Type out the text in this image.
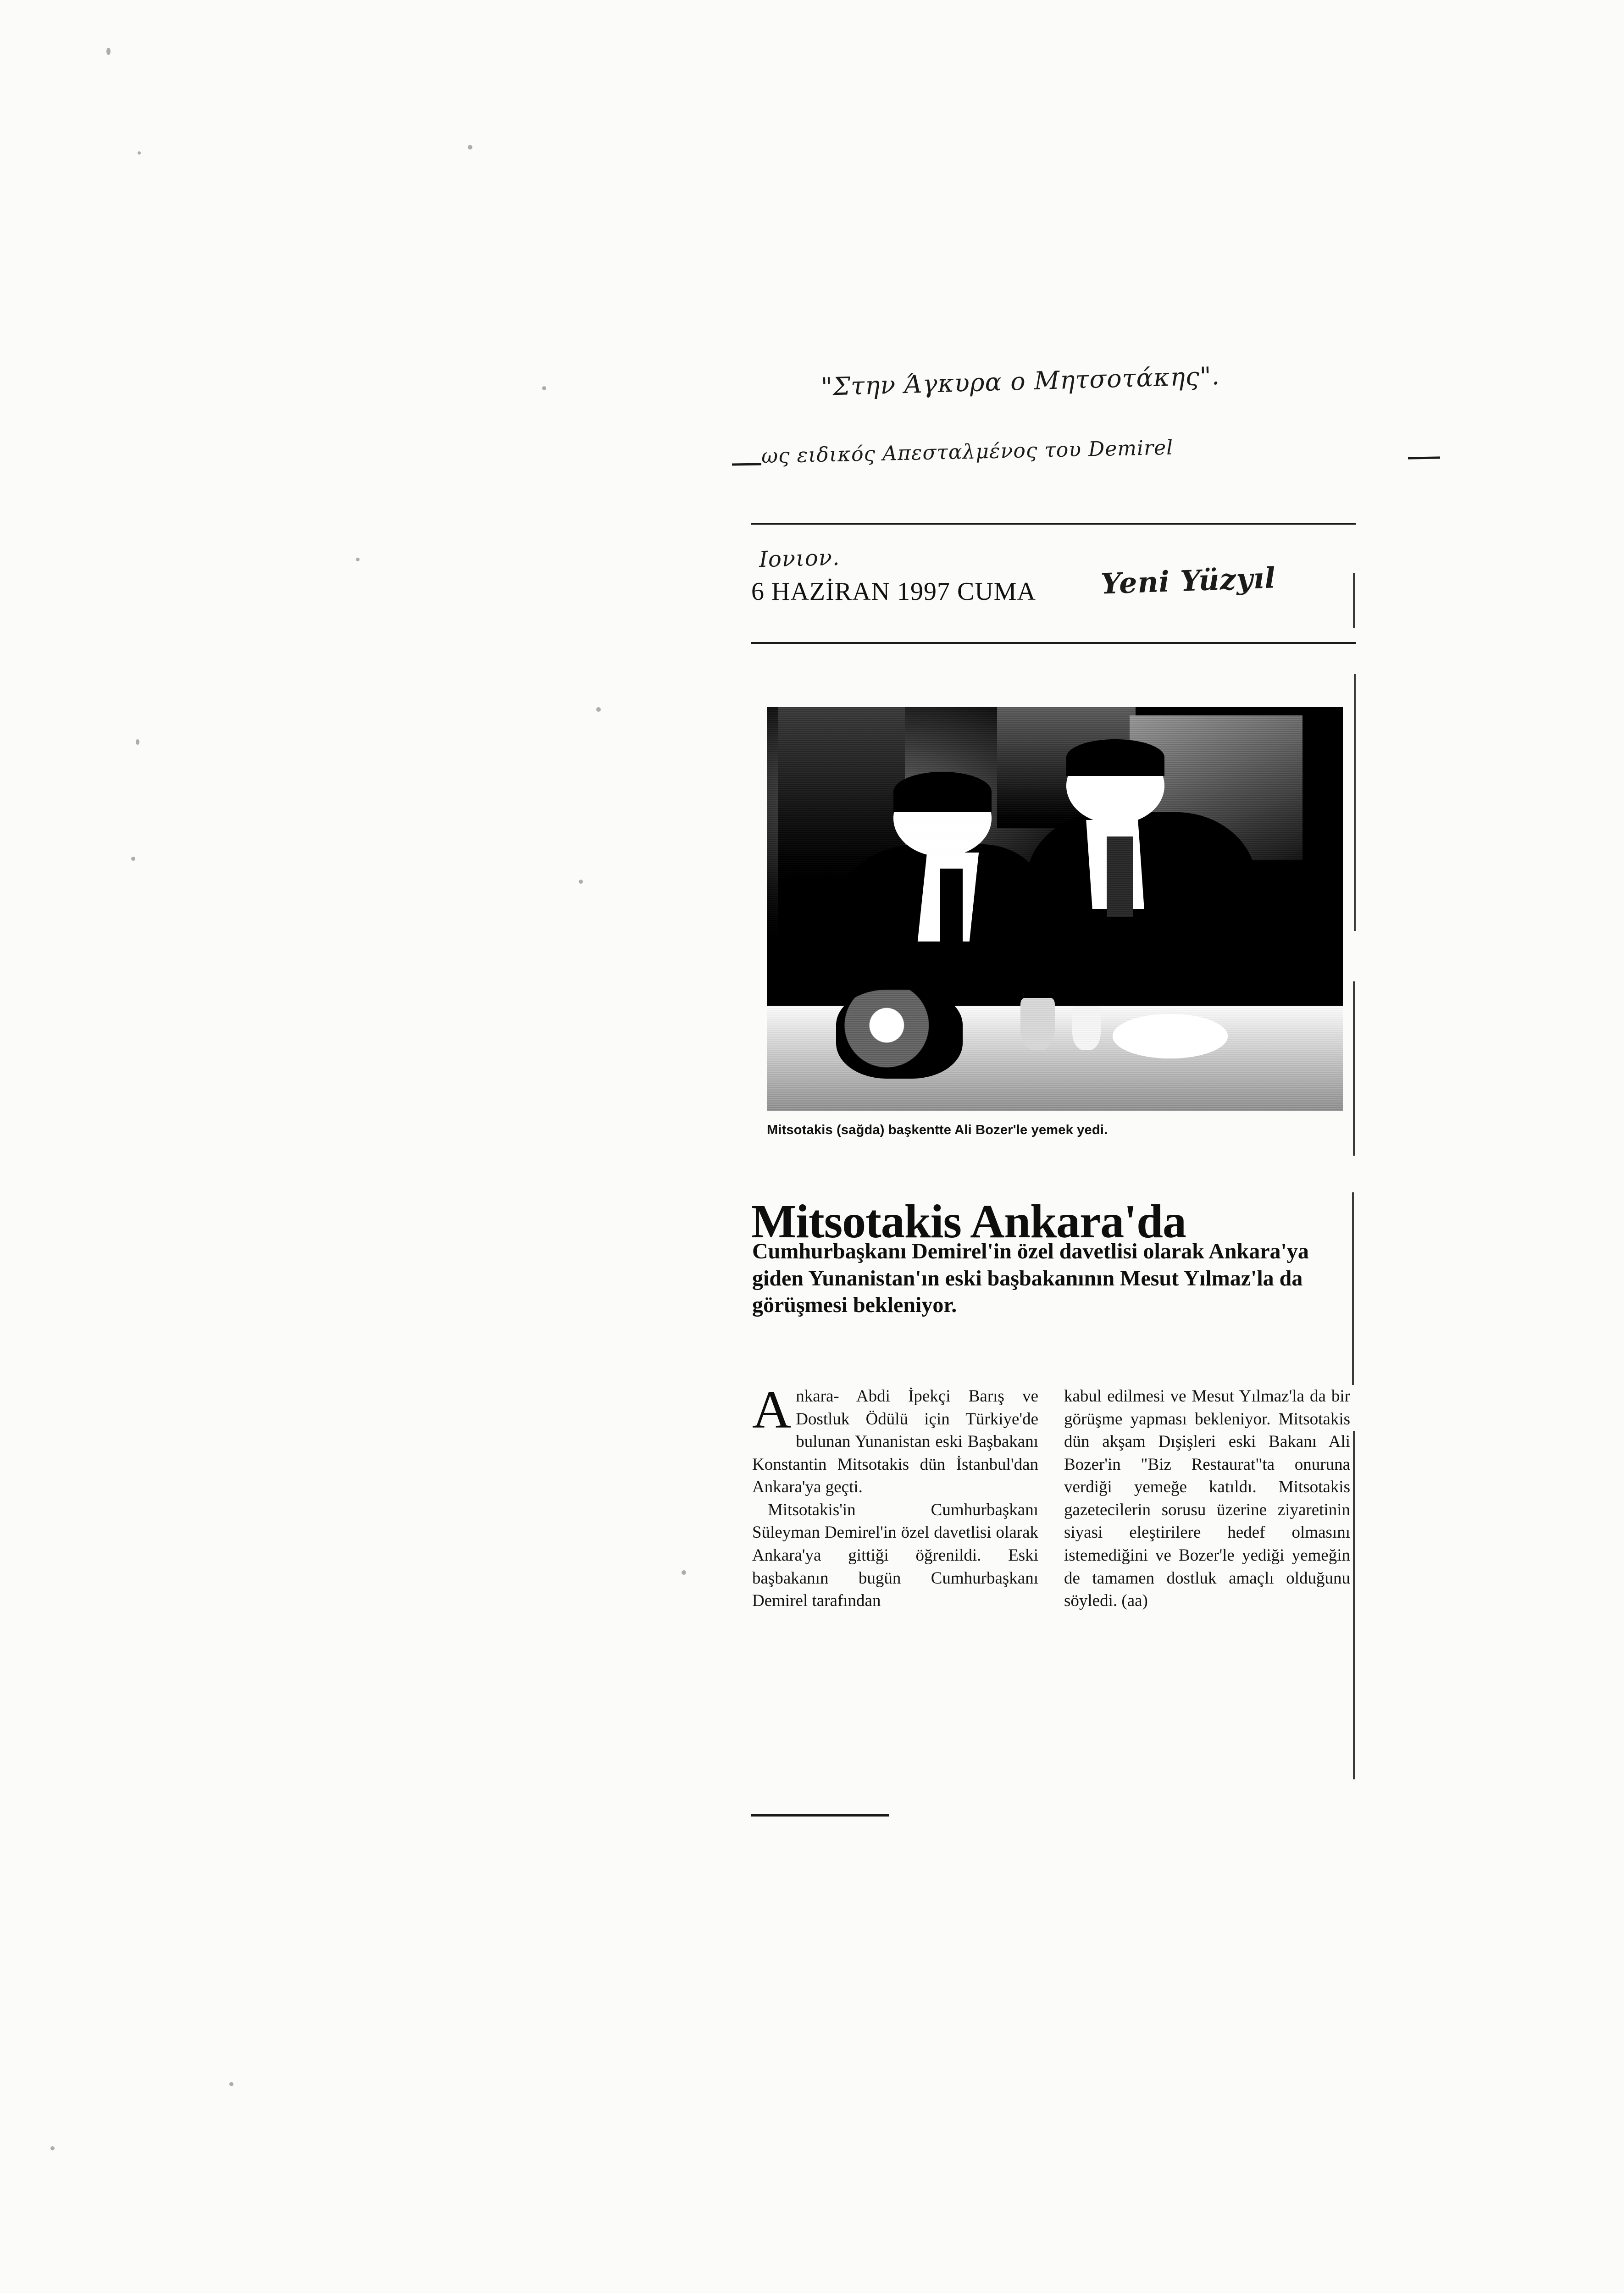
"Στην Άγκυρα ο Μητσοτάκης".
ως ειδικός Απεσταλμένος του Demirel
Ιονιον.
6 HAZİRAN 1997 CUMA Yeni Yüzyıl
Mitsotakis (sağda) başkentte Ali Bozer'le yemek yedi.
Mitsotakis Ankara'da
Cumhurbaşkanı Demirel'in özel davetlisi olarak Ankara'ya giden Yunanistan'ın eski başbakanının Mesut Yılmaz'la da görüşmesi bekleniyor.
A nkara- Abdi İpekçi Barış ve Dostluk Ödülü için Türkiye'de bulunan Yunanistan eski Başbakanı Konstantin Mitsotakis dün İstanbul'dan Ankara'ya geçti.

Mitsotakis'in Cumhurbaşkanı Süleyman Demirel'in özel davetlisi olarak Ankara'ya gittiği öğrenildi. Eski başbakanın bugün Cumhurbaşkanı Demirel tarafından

kabul edilmesi ve Mesut Yılmaz'la da bir görüşme yapması bekleniyor. Mitsotakis dün akşam Dışişleri eski Bakanı Ali Bozer'in "Biz Restaurat"ta onuruna verdiği yemeğe katıldı. Mitsotakis gazetecilerin sorusu üzerine ziyaretinin siyasi eleştirilere hedef olmasını istemediğini ve Bozer'le yediği yemeğin de tamamen dostluk amaçlı olduğunu söyledi. (aa)
